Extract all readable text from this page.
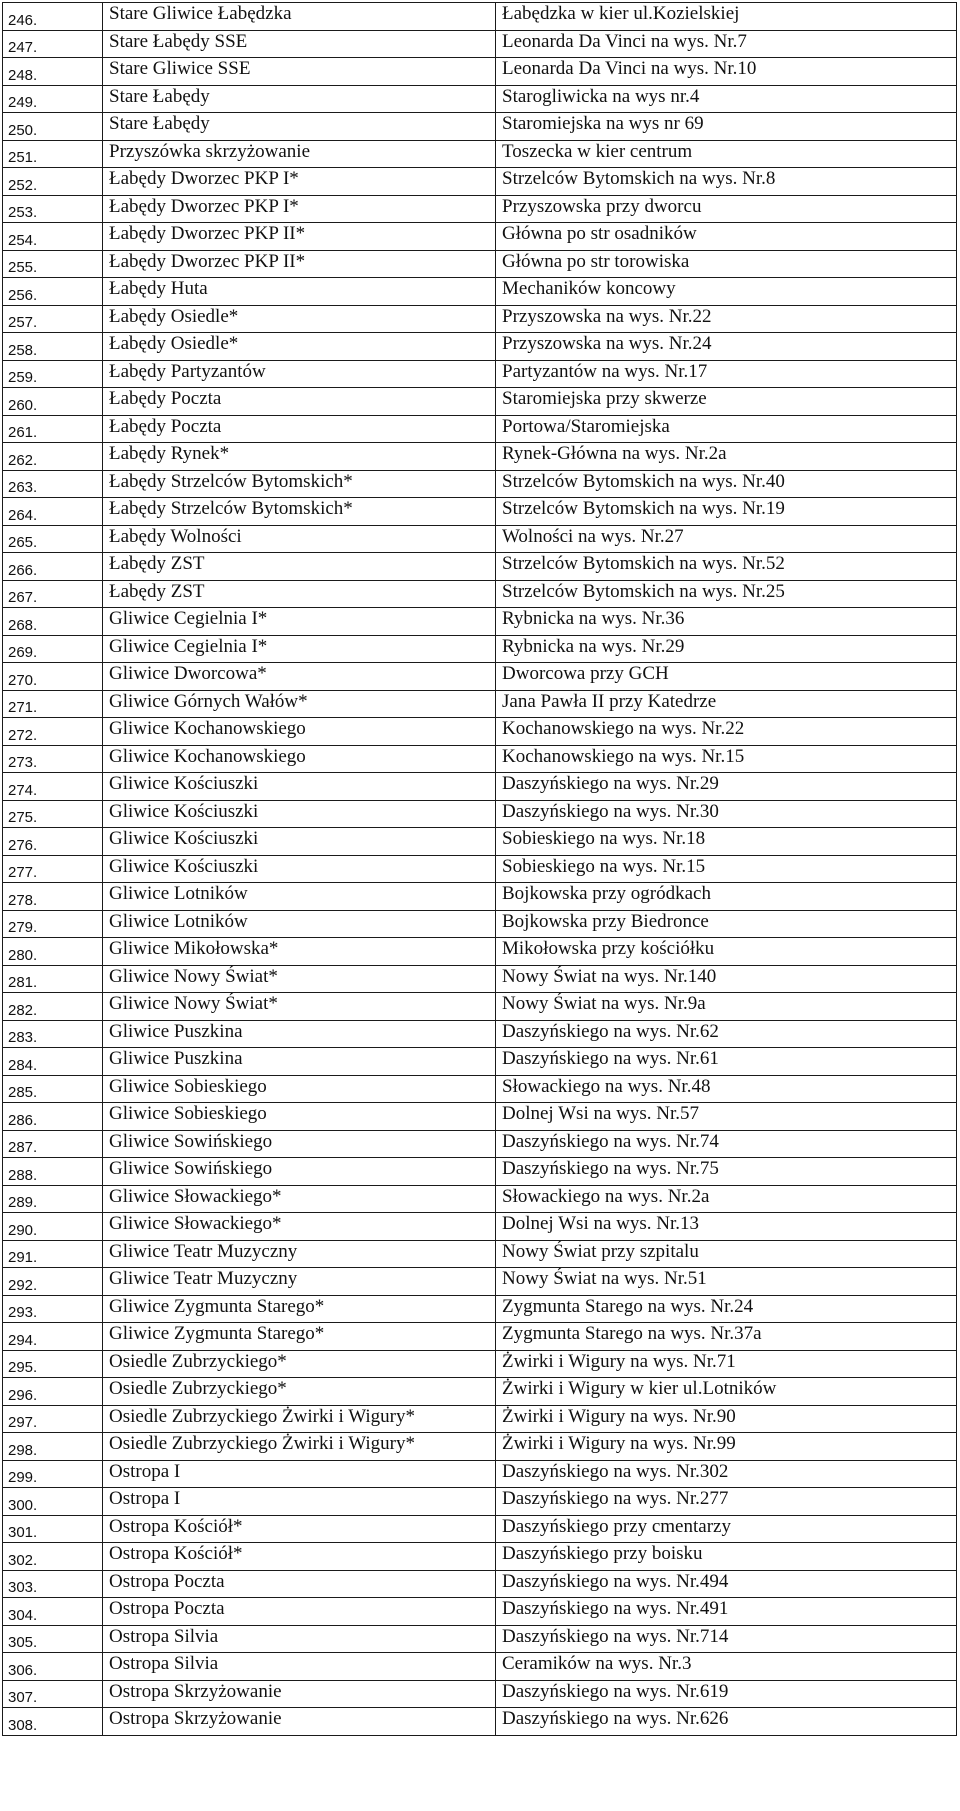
246.	Stare Gliwice Łabędzka	Łabędzka w kier ul.Kozielskiej
247.	Stare Łabędy SSE	Leonarda Da Vinci na wys. Nr.7
248.	Stare Gliwice SSE	Leonarda Da Vinci na wys. Nr.10
249.	Stare Łabędy	Starogliwicka na wys nr.4
250.	Stare Łabędy	Staromiejska na wys nr 69
251.	Przyszówka skrzyżowanie	Toszecka w kier centrum
252.	Łabędy Dworzec PKP I*	Strzelców Bytomskich na wys. Nr.8
253.	Łabędy Dworzec PKP I*	Przyszowska przy dworcu
254.	Łabędy Dworzec PKP II*	Główna po str osadników
255.	Łabędy Dworzec PKP II*	Główna po str torowiska
256.	Łabędy Huta	Mechaników koncowy
257.	Łabędy Osiedle*	Przyszowska na wys. Nr.22
258.	Łabędy Osiedle*	Przyszowska na wys. Nr.24
259.	Łabędy Partyzantów	Partyzantów na wys. Nr.17
260.	Łabędy Poczta	Staromiejska przy skwerze
261.	Łabędy Poczta	Portowa/Staromiejska
262.	Łabędy Rynek*	Rynek-Główna na wys. Nr.2a
263.	Łabędy Strzelców Bytomskich*	Strzelców Bytomskich na wys. Nr.40
264.	Łabędy Strzelców Bytomskich*	Strzelców Bytomskich na wys. Nr.19
265.	Łabędy Wolności	Wolności na wys. Nr.27
266.	Łabędy ZST	Strzelców Bytomskich na wys. Nr.52
267.	Łabędy ZST	Strzelców Bytomskich na wys. Nr.25
268.	Gliwice Cegielnia I*	Rybnicka na wys. Nr.36
269.	Gliwice Cegielnia I*	Rybnicka na wys. Nr.29
270.	Gliwice Dworcowa*	Dworcowa przy GCH
271.	Gliwice Górnych Wałów*	Jana Pawła II przy Katedrze
272.	Gliwice Kochanowskiego	Kochanowskiego na wys. Nr.22
273.	Gliwice Kochanowskiego	Kochanowskiego na wys. Nr.15
274.	Gliwice Kościuszki	Daszyńskiego na wys. Nr.29
275.	Gliwice Kościuszki	Daszyńskiego na wys. Nr.30
276.	Gliwice Kościuszki	Sobieskiego na wys. Nr.18
277.	Gliwice Kościuszki	Sobieskiego na wys. Nr.15
278.	Gliwice Lotników	Bojkowska przy ogródkach
279.	Gliwice Lotników	Bojkowska przy Biedronce
280.	Gliwice Mikołowska*	Mikołowska przy kościółku
281.	Gliwice Nowy Świat*	Nowy Świat na wys. Nr.140
282.	Gliwice Nowy Świat*	Nowy Świat na wys. Nr.9a
283.	Gliwice Puszkina	Daszyńskiego na wys. Nr.62
284.	Gliwice Puszkina	Daszyńskiego na wys. Nr.61
285.	Gliwice Sobieskiego	Słowackiego na wys. Nr.48
286.	Gliwice Sobieskiego	Dolnej Wsi na wys. Nr.57
287.	Gliwice Sowińskiego	Daszyńskiego na wys. Nr.74
288.	Gliwice Sowińskiego	Daszyńskiego na wys. Nr.75
289.	Gliwice Słowackiego*	Słowackiego na wys. Nr.2a
290.	Gliwice Słowackiego*	Dolnej Wsi na wys. Nr.13
291.	Gliwice Teatr Muzyczny	Nowy Świat przy szpitalu
292.	Gliwice Teatr Muzyczny	Nowy Świat na wys. Nr.51
293.	Gliwice Zygmunta Starego*	Zygmunta Starego na wys. Nr.24
294.	Gliwice Zygmunta Starego*	Zygmunta Starego na wys. Nr.37a
295.	Osiedle Zubrzyckiego*	Żwirki i Wigury na wys. Nr.71
296.	Osiedle Zubrzyckiego*	Żwirki i Wigury w kier ul.Lotników
297.	Osiedle Zubrzyckiego Żwirki i Wigury*	Żwirki i Wigury na wys. Nr.90
298.	Osiedle Zubrzyckiego Żwirki i Wigury*	Żwirki i Wigury na wys. Nr.99
299.	Ostropa I	Daszyńskiego na wys. Nr.302
300.	Ostropa I	Daszyńskiego na wys. Nr.277
301.	Ostropa Kościół*	Daszyńskiego przy cmentarzy
302.	Ostropa Kościół*	Daszyńskiego przy boisku
303.	Ostropa Poczta	Daszyńskiego na wys. Nr.494
304.	Ostropa Poczta	Daszyńskiego na wys. Nr.491
305.	Ostropa Silvia	Daszyńskiego na wys. Nr.714
306.	Ostropa Silvia	Ceramików na wys. Nr.3
307.	Ostropa Skrzyżowanie	Daszyńskiego na wys. Nr.619
308.	Ostropa Skrzyżowanie	Daszyńskiego na wys. Nr.626
